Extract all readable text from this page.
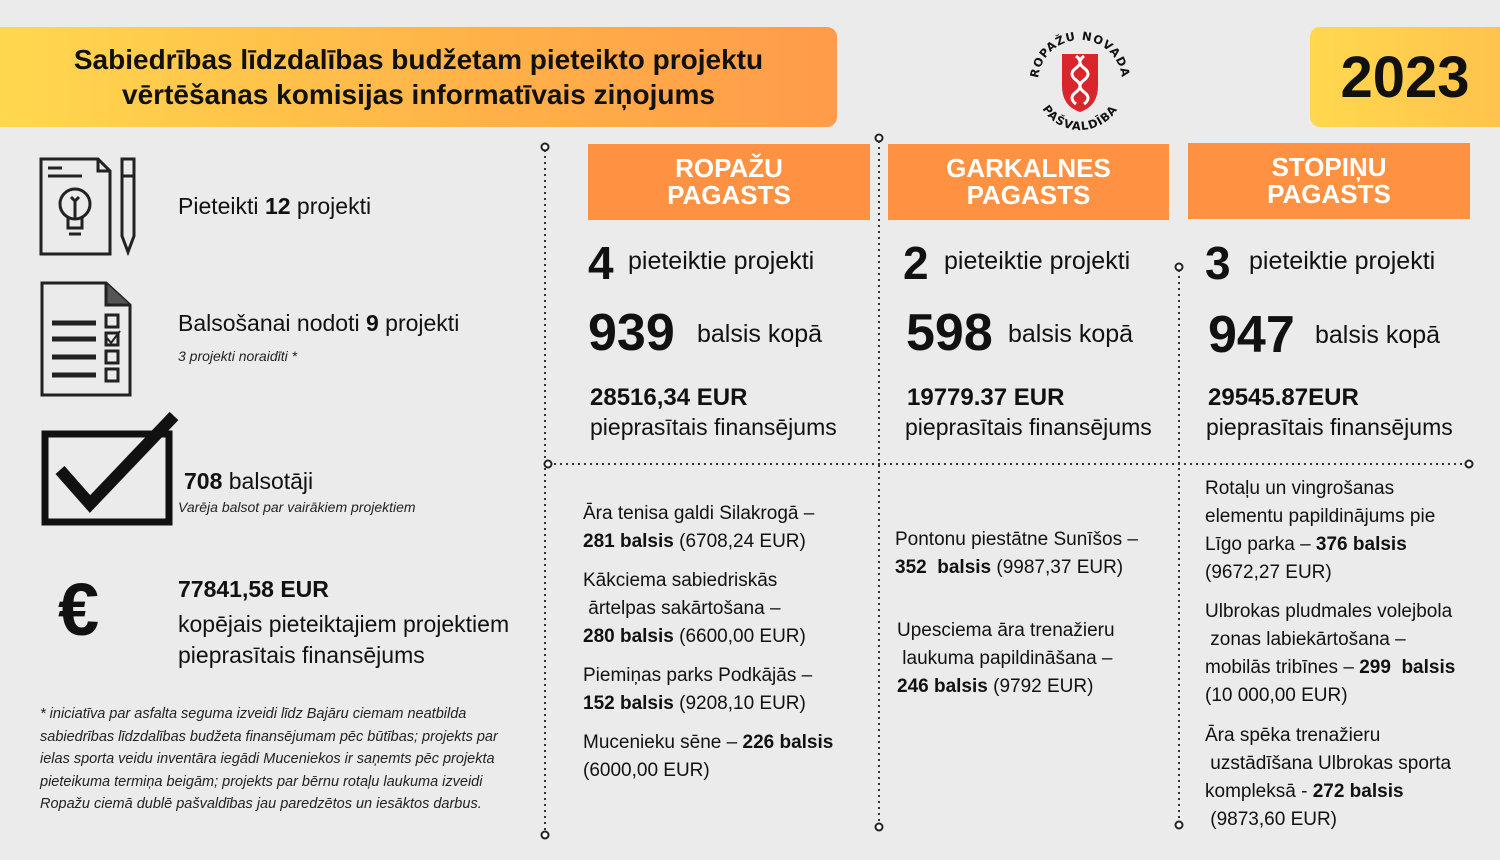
Sabiedrības līdzdalības budžetam pieteikto projektu
vērtēšanas komisijas informatīvais ziņojums
ROPAŽU NOVADA
PAŠVALDĪBA
2023
€
Pieteikti 12 projekti
Balsošanai nodoti 9 projekti
3 projekti noraidīti *
708 balsotāji
Varēja balsot par vairākiem projektiem
77841,58 EUR
kopējais pieteiktajiem projektiem
pieprasītais finansējums
* iniciatīva par asfalta seguma izveidi līdz Bajāru ciemam neatbilda sabiedrības līdzdalības budžeta finansējumam pēc būtības; projekts par ielas sporta veidu inventāra iegādi Muceniekos ir saņemts pēc projekta pieteikuma termiņa beigām; projekts par bērnu rotaļu laukuma izveidi Ropažu ciemā dublē pašvaldības jau paredzētos un iesāktos darbus.
ROPAŽU
PAGASTS
4 pieteiktie projekti
939 balsis kopā
28516,34 EUR
pieprasītais finansējums
Āra tenisa galdi Silakrogā –
281 balsis (6708,24 EUR)
Kākciema sabiedriskās
ārtelpas sakārtošana –
280 balsis (6600,00 EUR)
Piemiņas parks Podkājās –
152 balsis (9208,10 EUR)
Mucenieku sēne – 226 balsis
(6000,00 EUR)
GARKALNES
PAGASTS
2 pieteiktie projekti
598 balsis kopā
19779.37 EUR
pieprasītais finansējums
Pontonu piestātne Sunīšos –
352  balsis (9987,37 EUR)
Upesciema āra trenažieru
laukuma papildināšana –
246 balsis (9792 EUR)
STOPIŅU
PAGASTS
3 pieteiktie projekti
947 balsis kopā
29545.87EUR
pieprasītais finansējums
Rotaļu un vingrošanas
elementu papildinājums pie
Līgo parka – 376 balsis
(9672,27 EUR)
Ulbrokas pludmales volejbola
zonas labiekārtošana –
mobilās tribīnes – 299  balsis
(10 000,00 EUR)
Āra spēka trenažieru
uzstādīšana Ulbrokas sporta
kompleksā - 272 balsis
(9873,60 EUR)
